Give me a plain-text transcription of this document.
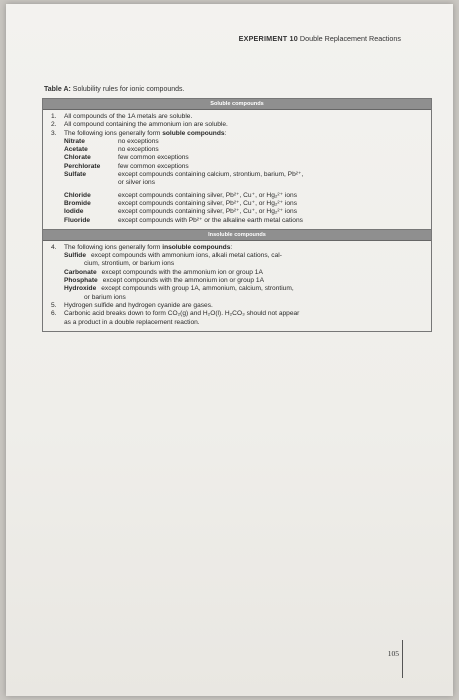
EXPERIMENT 10 Double Replacement Reactions
Table A: Solubility rules for ionic compounds.
Soluble compounds
1.	All compounds of the 1A metals are soluble.
2.	All compound containing the ammonium ion are soluble.
3.	The following ions generally form soluble compounds:
Nitrate	no exceptions
Acetate	no exceptions
Chlorate	few common exceptions
Perchlorate	few common exceptions
Sulfate	except compounds containing calcium, strontium, barium, Pb²⁺,
or silver ions
Chloride	except compounds containing silver, Pb²⁺, Cu⁺, or Hg₂²⁺ ions
Bromide	except compounds containing silver, Pb²⁺, Cu⁺, or Hg₂²⁺ ions
Iodide	except compounds containing silver, Pb²⁺, Cu⁺, or Hg₂²⁺ ions
Fluoride	except compounds with Pb²⁺ or the alkaline earth metal cations
Insoluble compounds
4.	The following ions generally form insoluble compounds:
Sulfide except compounds with ammonium ions, alkali metal cations, cal-
cium, strontium, or barium ions
Carbonate except compounds with the ammonium ion or group 1A
Phosphate except compounds with the ammonium ion or group 1A
Hydroxide except compounds with group 1A, ammonium, calcium, strontium,
or barium ions
5.	Hydrogen sulfide and hydrogen cyanide are gases.
6.	Carbonic acid breaks down to form CO₂(g) and H₂O(l). H₂CO₃ should not appear
as a product in a double replacement reaction.
105
